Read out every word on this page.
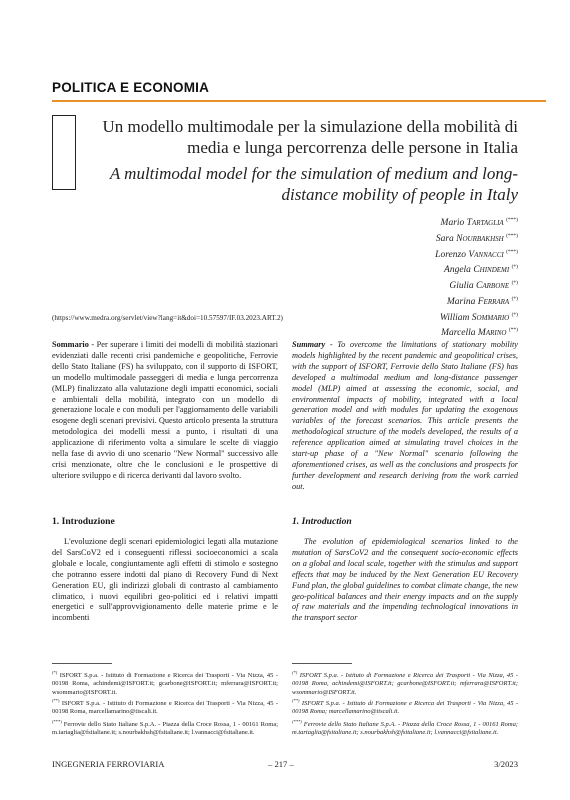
POLITICA E ECONOMIA
Un modello multimodale per la simulazione della mobilità di media e lunga percorrenza delle persone in Italia
A multimodal model for the simulation of medium and long-distance mobility of people in Italy
Mario Tartaglia (***)
Sara Nourbakhsh (***)
Lorenzo Vannacci (***)
Angela Chindemi (*)
Giulia Carbone (*)
Marina Ferrara (*)
William Sommario (*)
Marcella Marino (**)
(https://www.medra.org/servlet/view?lang=it&doi=10.57597/IF.03.2023.ART.2)
Sommario - Per superare i limiti dei modelli di mobilità stazionari evidenziati dalle recenti crisi pandemiche e geopolitiche, Ferrovie dello Stato Italiane (FS) ha sviluppato, con il supporto di ISFORT, un modello multimodale passeggeri di media e lunga percorrenza (MLP) finalizzato alla valutazione degli impatti economici, sociali e ambientali della mobilità, integrato con un modello di generazione locale e con moduli per l'aggiornamento delle variabili esogene degli scenari previsivi. Questo articolo presenta la struttura metodologica dei modelli messi a punto, i risultati di una applicazione di riferimento volta a simulare le scelte di viaggio nella fase di avvio di uno scenario "New Normal" successivo alle crisi menzionate, oltre che le conclusioni e le prospettive di ulteriore sviluppo e di ricerca derivanti dal lavoro svolto.
Summary - To overcome the limitations of stationary mobility models highlighted by the recent pandemic and geopolitical crises, with the support of ISFORT, Ferrovie dello Stato Italiane (FS) has developed a multimodal medium and long-distance passenger model (MLP) aimed at assessing the economic, social, and environmental impacts of mobility, integrated with a local generation model and with modules for updating the exogenous variables of the forecast scenarios. This article presents the methodological structure of the models developed, the results of a reference application aimed at simulating travel choices in the start-up phase of a "New Normal" scenario following the aforementioned crises, as well as the conclusions and prospects for further development and research deriving from the work carried out.
1. Introduzione	1. Introduction
L'evoluzione degli scenari epidemiologici legati alla mutazione del SarsCoV2 ed i conseguenti riflessi socioeconomici a scala globale e locale, congiuntamente agli effetti di stimolo e sostegno che potranno essere indotti dal piano di Recovery Fund di Next Generation EU, gli indirizzi globali di contrasto al cambiamento climatico, i nuovi equilibri geo-politici ed i relativi impatti energetici e sull'approvvigionamento delle materie prime e le incombenti
The evolution of epidemiological scenarios linked to the mutation of SarsCoV2 and the consequent socio-economic effects on a global and local scale, together with the stimulus and support effects that may be induced by the Next Generation EU Recovery Fund plan, the global guidelines to combat climate change, the new geo-political balances and their energy impacts and on the supply of raw materials and the impending technological innovations in the transport sector
(*) ISFORT S.p.a. - Istituto di Formazione e Ricerca dei Trasporti - Via Nizza, 45 - 00198 Roma, achindemi@ISFORT.it; gcarbone@ISFORT.it; mferrara@ISFORT.it; wsommario@ISFORT.it.
(**) ISFORT S.p.a. - Istituto di Formazione e Ricerca dei Trasporti - Via Nizza, 45 - 00198 Roma, marcellamarino@tiscali.it.
(***) Ferrovie dello Stato Italiane S.p.A. - Piazza della Croce Rossa, 1 - 00161 Roma; m.tartaglia@fsitaliane.it; s.nourbakhsh@fsitaliane.it; l.vannacci@fsitaliane.it.
(*) ISFORT S.p.a. - Istituto di Formazione e Ricerca dei Trasporti - Via Nizza, 45 - 00198 Roma, achindemi@ISFORT.it; gcarbone@ISFORT.it; mferrara@ISFORT.it; wsommario@ISFORT.it.
(**) ISFORT S.p.a. - Istituto di Formazione e Ricerca dei Trasporti - Via Nizza, 45 - 00198 Roma; marcellamarino@tiscali.it.
(***) Ferrovie dello Stato Italiane S.p.A. - Piazza della Croce Rossa, 1 - 00161 Roma; m.tartaglia@fsitaliane.it; s.nourbakhsh@fsitaliane.it; l.vannacci@fsitaliane.it.
INGEGNERIA FERROVIARIA	– 217 –	3/2023
